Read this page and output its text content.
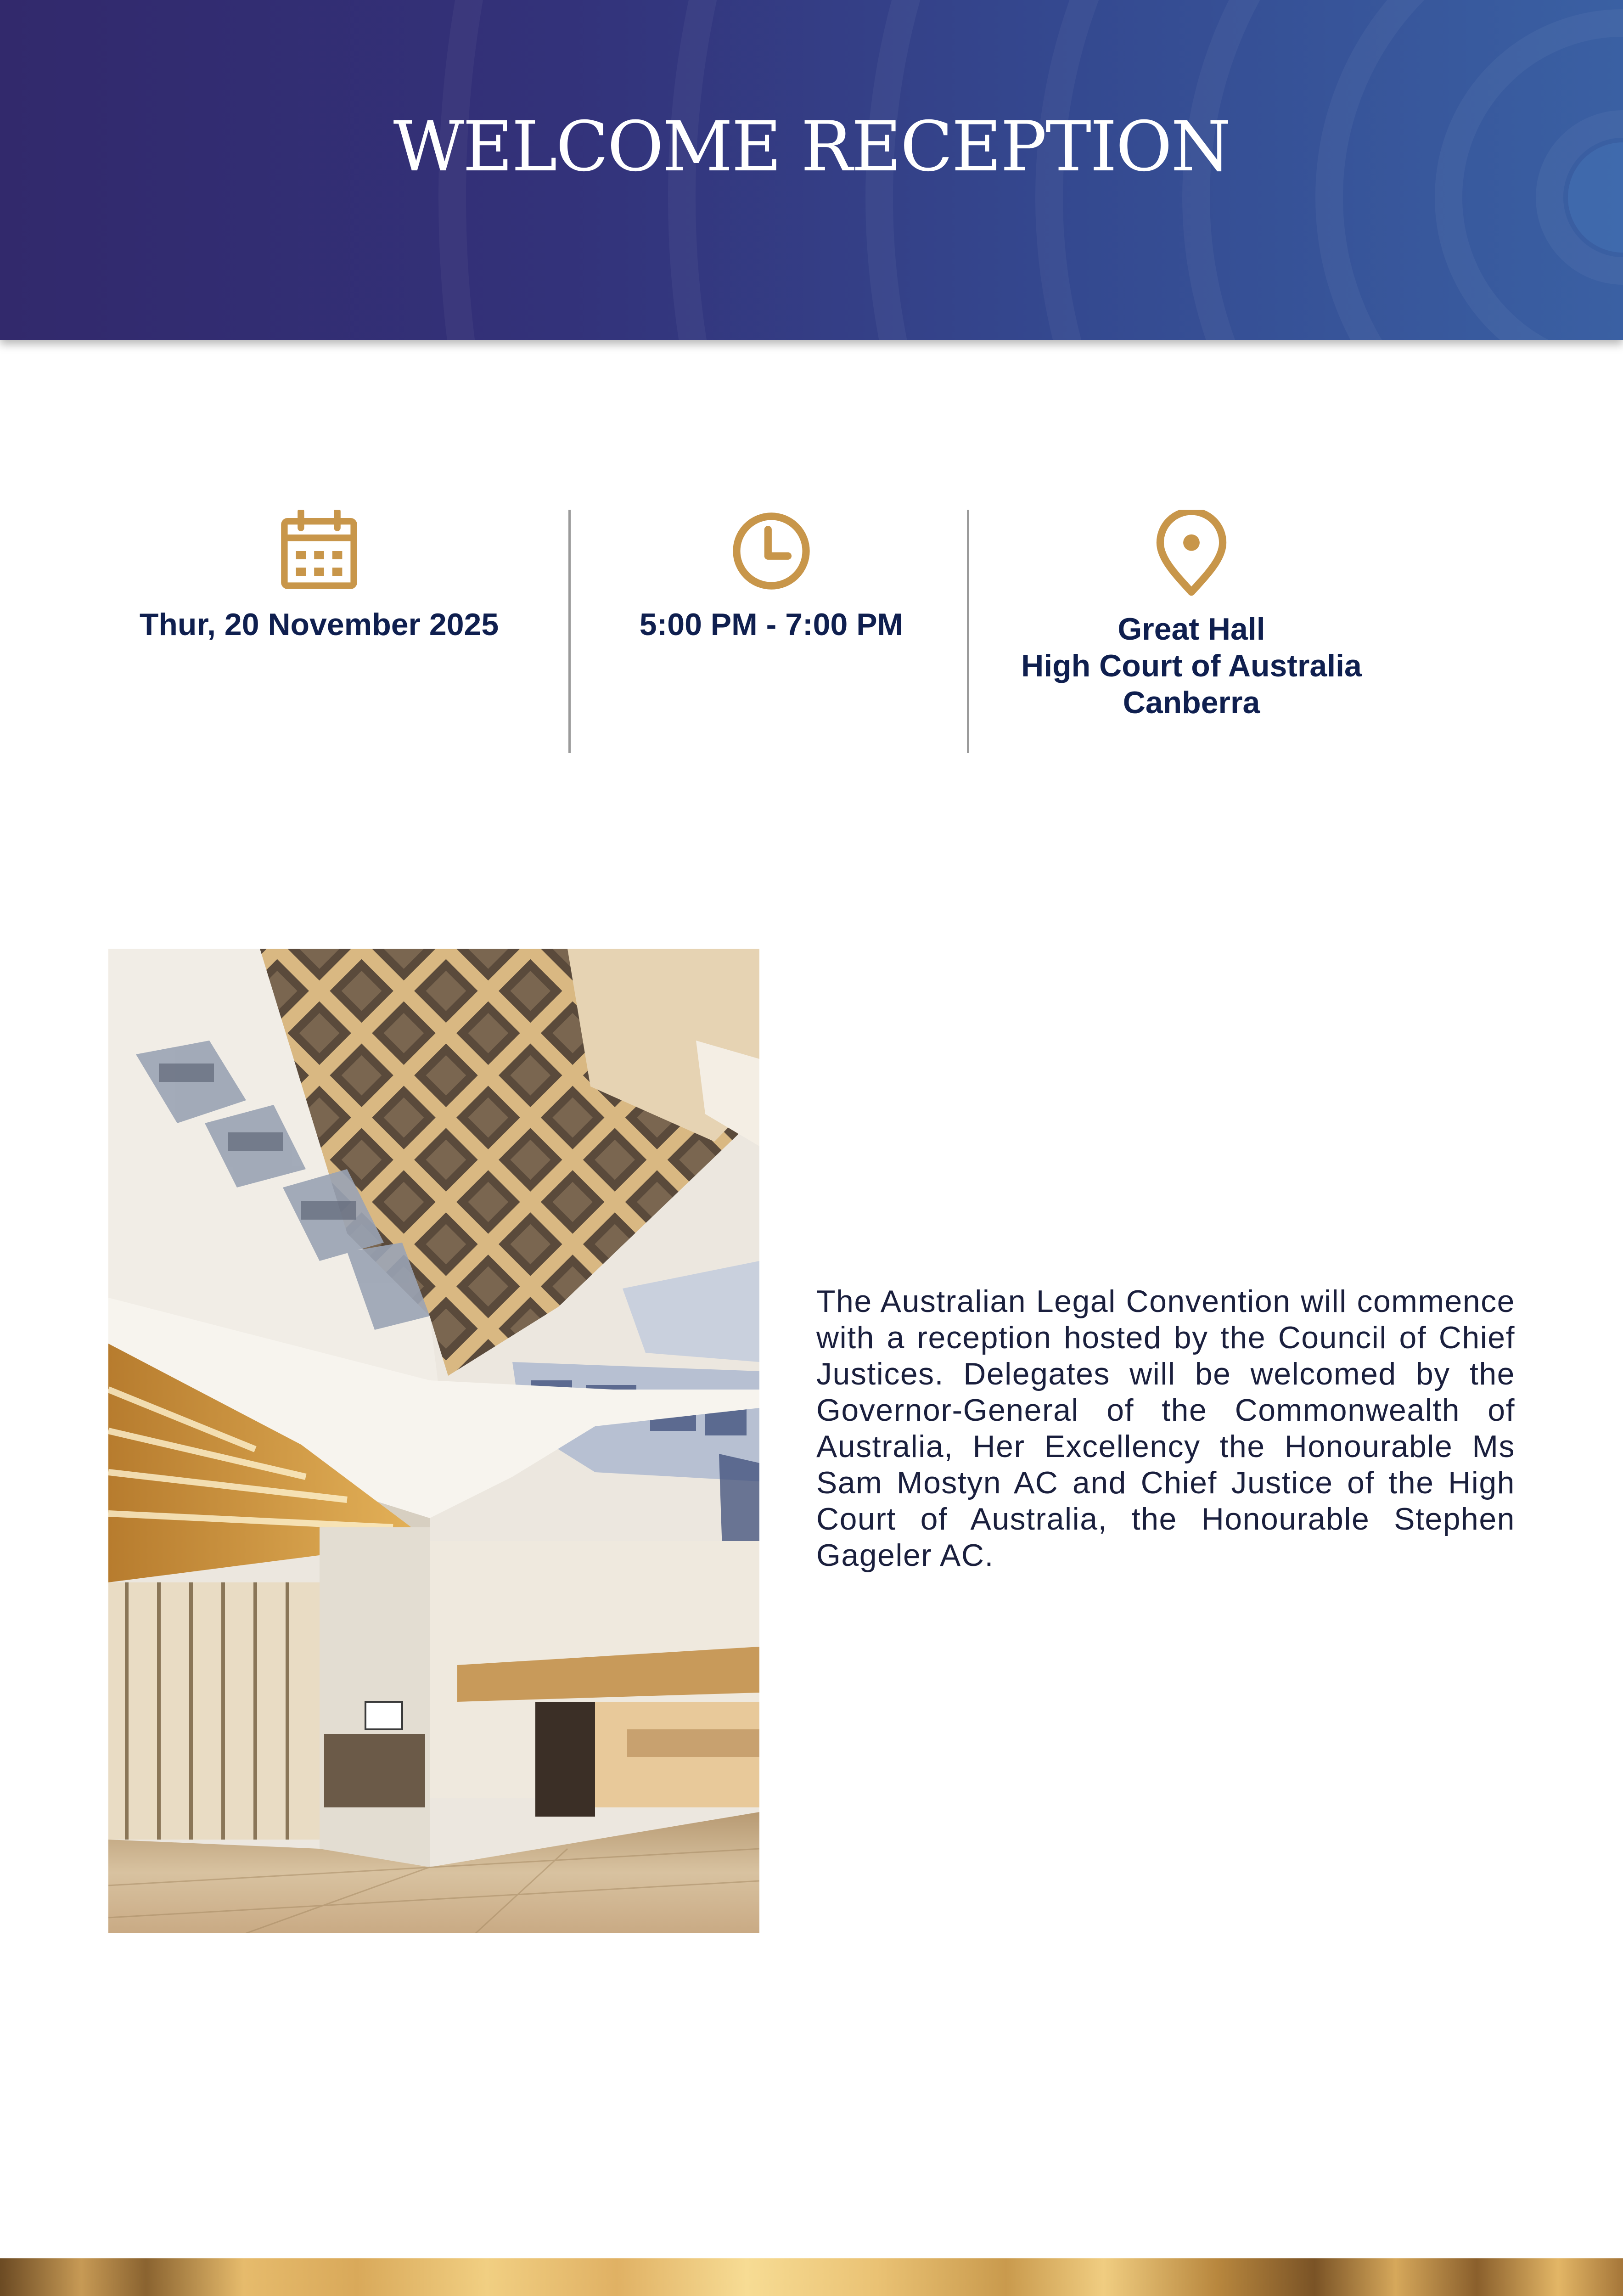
WELCOME RECEPTION
Thur, 20 November 2025	5:00 PM - 7:00 PM	Great Hall
High Court of Australia
Canberra
The Australian Legal Convention will commence with a reception hosted by the Council of Chief Justices. Delegates will be welcomed by the Governor-General of the Commonwealth of Australia, Her Excellency the Honourable Ms Sam Mostyn AC and Chief Justice of the High Court of Australia, the Honourable Stephen Gageler AC.
